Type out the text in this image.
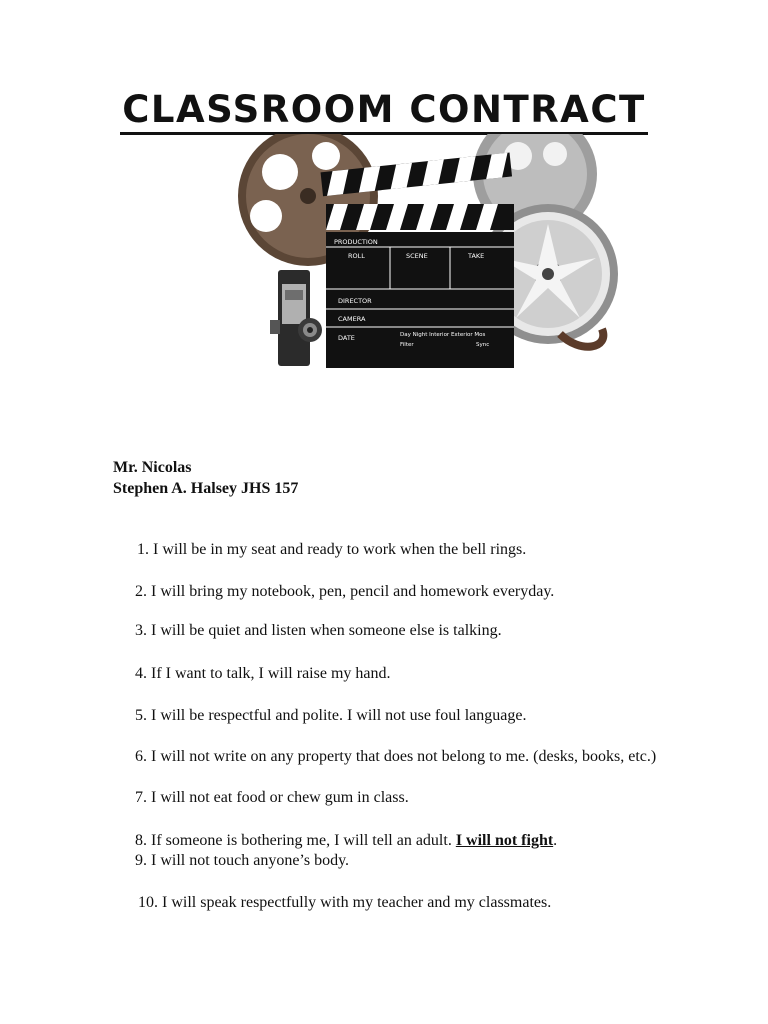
CLASSROOM CONTRACT
PRODUCTION
ROLL	SCENE	TAKE
DIRECTOR
CAMERA
DATE	Day Night Interior Exterior Mos
Filter	Sync
Mr. Nicolas
Stephen A. Halsey JHS 157
1. I will be in my seat and ready to work when the bell rings.
2. I will bring my notebook, pen, pencil and homework everyday.
3. I will be quiet and listen when someone else is talking.
4. If I want to talk, I will raise my hand.
5. I will be respectful and polite. I will not use foul language.
6. I will not write on any property that does not belong to me. (desks, books, etc.)
7. I will not eat food or chew gum in class.
8. If someone is bothering me, I will tell an adult. I will not fight.
9. I will not touch anyone’s body.
10. I will speak respectfully with my teacher and my classmates.
